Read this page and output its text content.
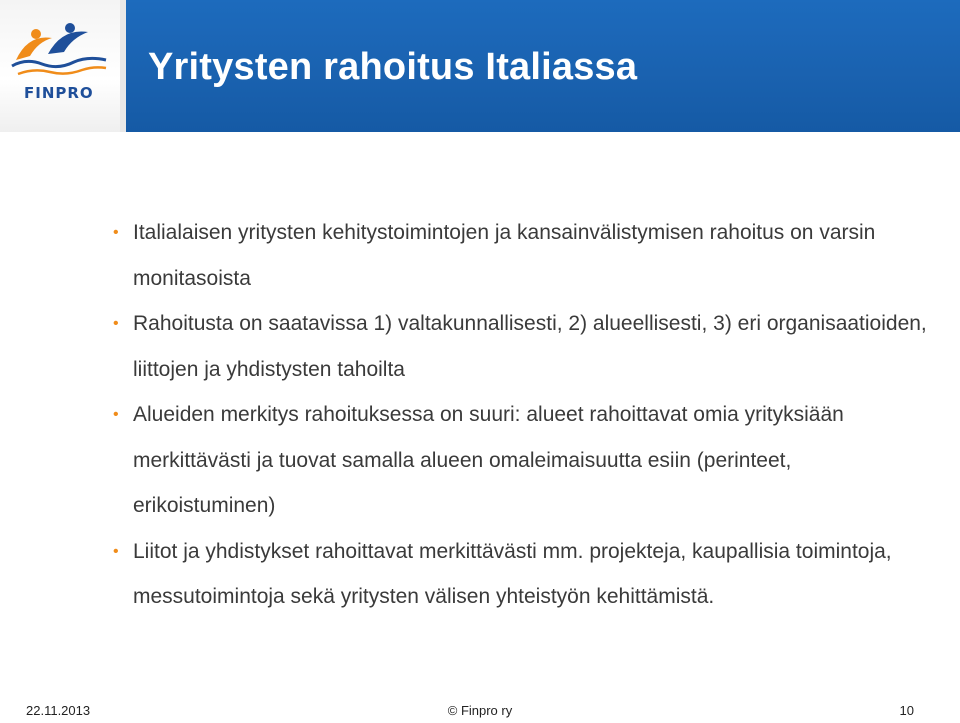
FINPRO
Yritysten rahoitus Italiassa
• Italialaisen yritysten kehitystoimintojen ja kansainvälistymisen rahoitus on varsin monitasoista
• Rahoitusta on saatavissa 1) valtakunnallisesti, 2) alueellisesti, 3) eri organisaatioiden, liittojen ja yhdistysten tahoilta
• Alueiden merkitys rahoituksessa on suuri: alueet rahoittavat omia yrityksiään merkittävästi ja tuovat samalla alueen omaleimaisuutta esiin (perinteet, erikoistuminen)
• Liitot ja yhdistykset rahoittavat merkittävästi mm. projekteja, kaupallisia toimintoja, messutoimintoja sekä yritysten välisen yhteistyön kehittämistä.
22.11.2013	© Finpro ry	10
